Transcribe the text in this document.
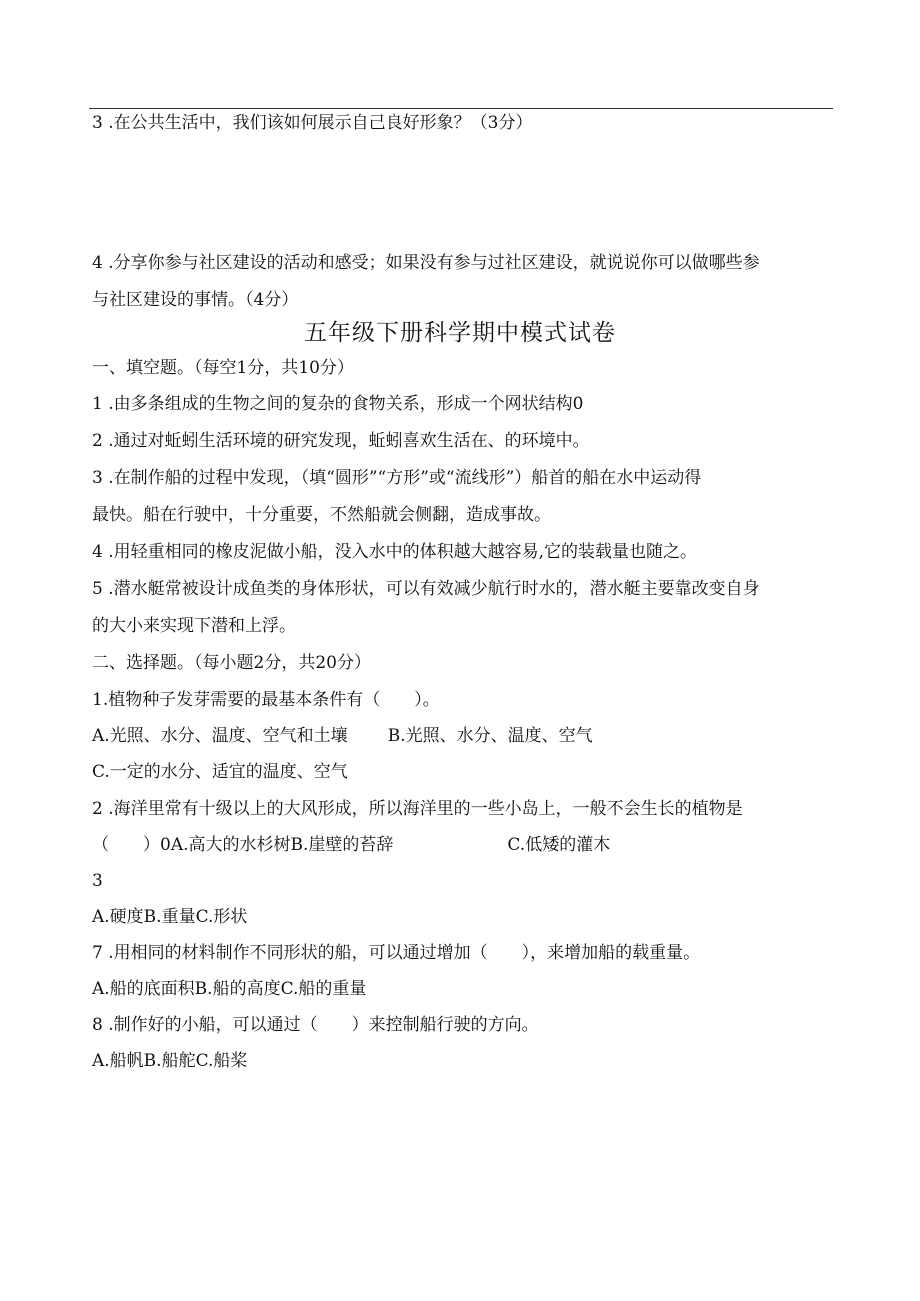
3 .在公共生活中，我们该如何展示自己良好形象？（3分）
4 .分享你参与社区建设的活动和感受；如果没有参与过社区建设，就说说你可以做哪些参
与社区建设的事情。（4分）
五年级下册科学期中模式试卷
一、填空题。（每空1分，共10分）
1 .由多条组成的生物之间的复杂的食物关系，形成一个网状结构0
2 .通过对蚯蚓生活环境的研究发现，蚯蚓喜欢生活在、的环境中。
3 .在制作船的过程中发现，（填“圆形”“方形”或“流线形”）船首的船在水中运动得
最快。船在行驶中，十分重要，不然船就会侧翻，造成事故。
4 .用轻重相同的橡皮泥做小船，没入水中的体积越大越容易,它的装载量也随之。
5 .潜水艇常被设计成鱼类的身体形状，可以有效减少航行时水的，潜水艇主要靠改变自身
的大小来实现下潜和上浮。
二、选择题。（每小题2分，共20分）
1.植物种子发芽需要的最基本条件有（　　）。
A.光照、水分、温度、空气和土壤 B.光照、水分、温度、空气
C.一定的水分、适宜的温度、空气
2 .海洋里常有十级以上的大风形成，所以海洋里的一些小岛上，一般不会生长的植物是
（　　）0A.高大的水杉树B.崖壁的苔辞	C.低矮的灌木
3
A.硬度B.重量C.形状
7 .用相同的材料制作不同形状的船，可以通过增加（　　），来增加船的载重量。
A.船的底面积B.船的高度C.船的重量
8 .制作好的小船，可以通过（　　）来控制船行驶的方向。
A.船帆B.船舵C.船桨
